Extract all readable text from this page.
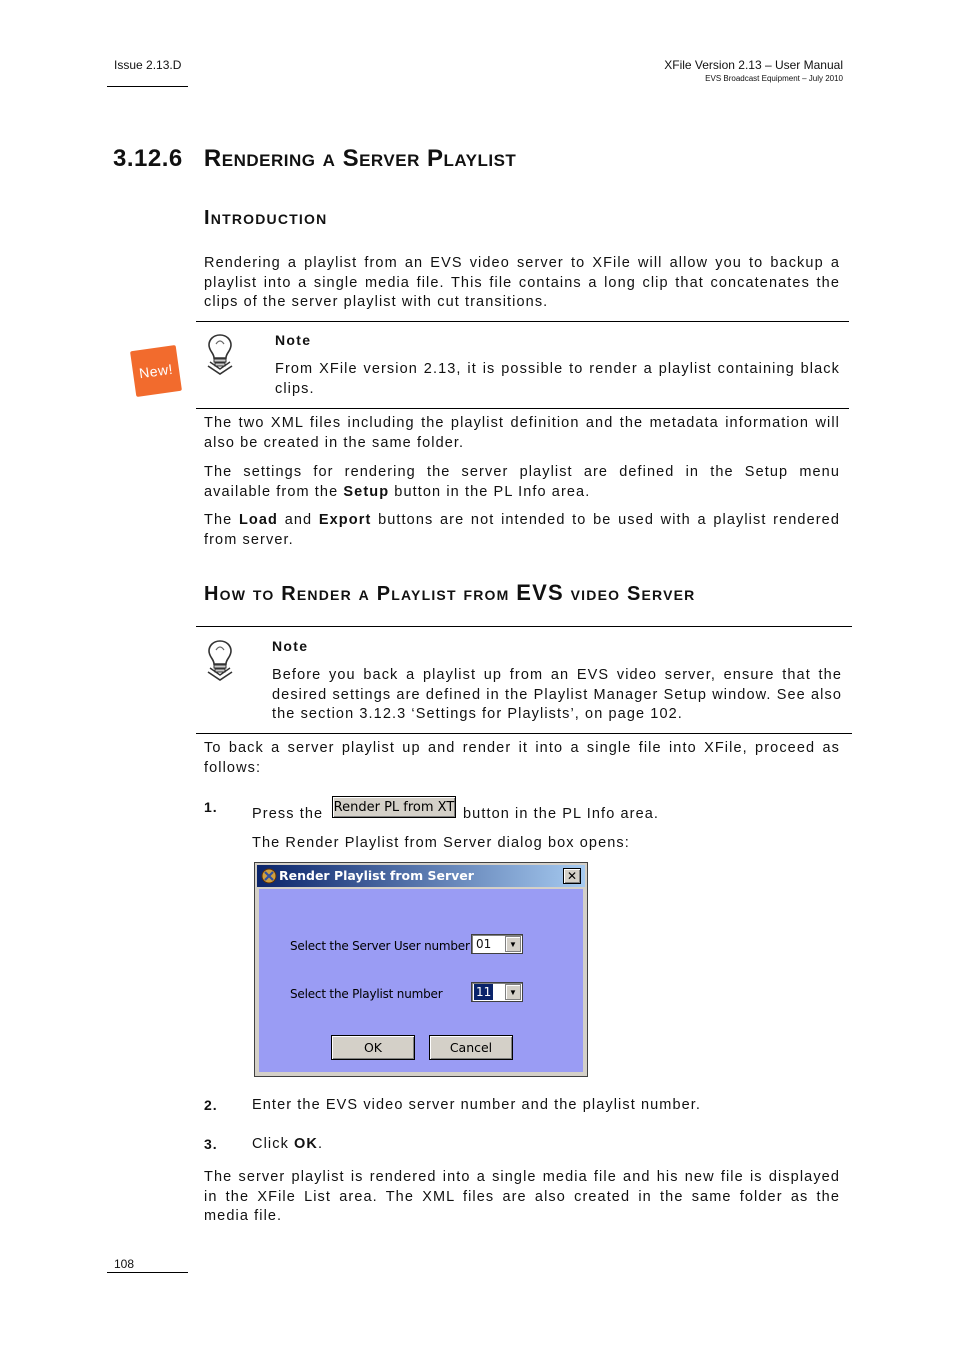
Issue 2.13.D	XFile Version 2.13 – User Manual
EVS Broadcast Equipment – July 2010
3.12.6 Rendering a Server Playlist
Introduction
Rendering a playlist from an EVS video server to XFile will allow you to backup a playlist into a single media file. This file contains a long clip that concatenates the clips of the server playlist with cut transitions.
New!
Note
From XFile version 2.13, it is possible to render a playlist containing black clips.
The two XML files including the playlist definition and the metadata information will also be created in the same folder.
The settings for rendering the server playlist are defined in the Setup menu available from the Setup button in the PL Info area.
The Load and Export buttons are not intended to be used with a playlist rendered from server.
How to Render a Playlist from EVS video Server
Note
Before you back a playlist up from an EVS video server, ensure that the desired settings are defined in the Playlist Manager Setup window. See also the section 3.12.3 ‘Settings for Playlists’, on page 102.
To back a server playlist up and render it into a single file into XFile, proceed as follows:
1. Press the Render PL from XT button in the PL Info area.
The Render Playlist from Server dialog box opens:
Render Playlist from Server	✕
Select the Server User number 01	▼
Select the Playlist number	11	▼
OK	Cancel
2. Enter the EVS video server number and the playlist number.
3. Click OK.
The server playlist is rendered into a single media file and his new file is displayed in the XFile List area. The XML files are also created in the same folder as the media file.
108
